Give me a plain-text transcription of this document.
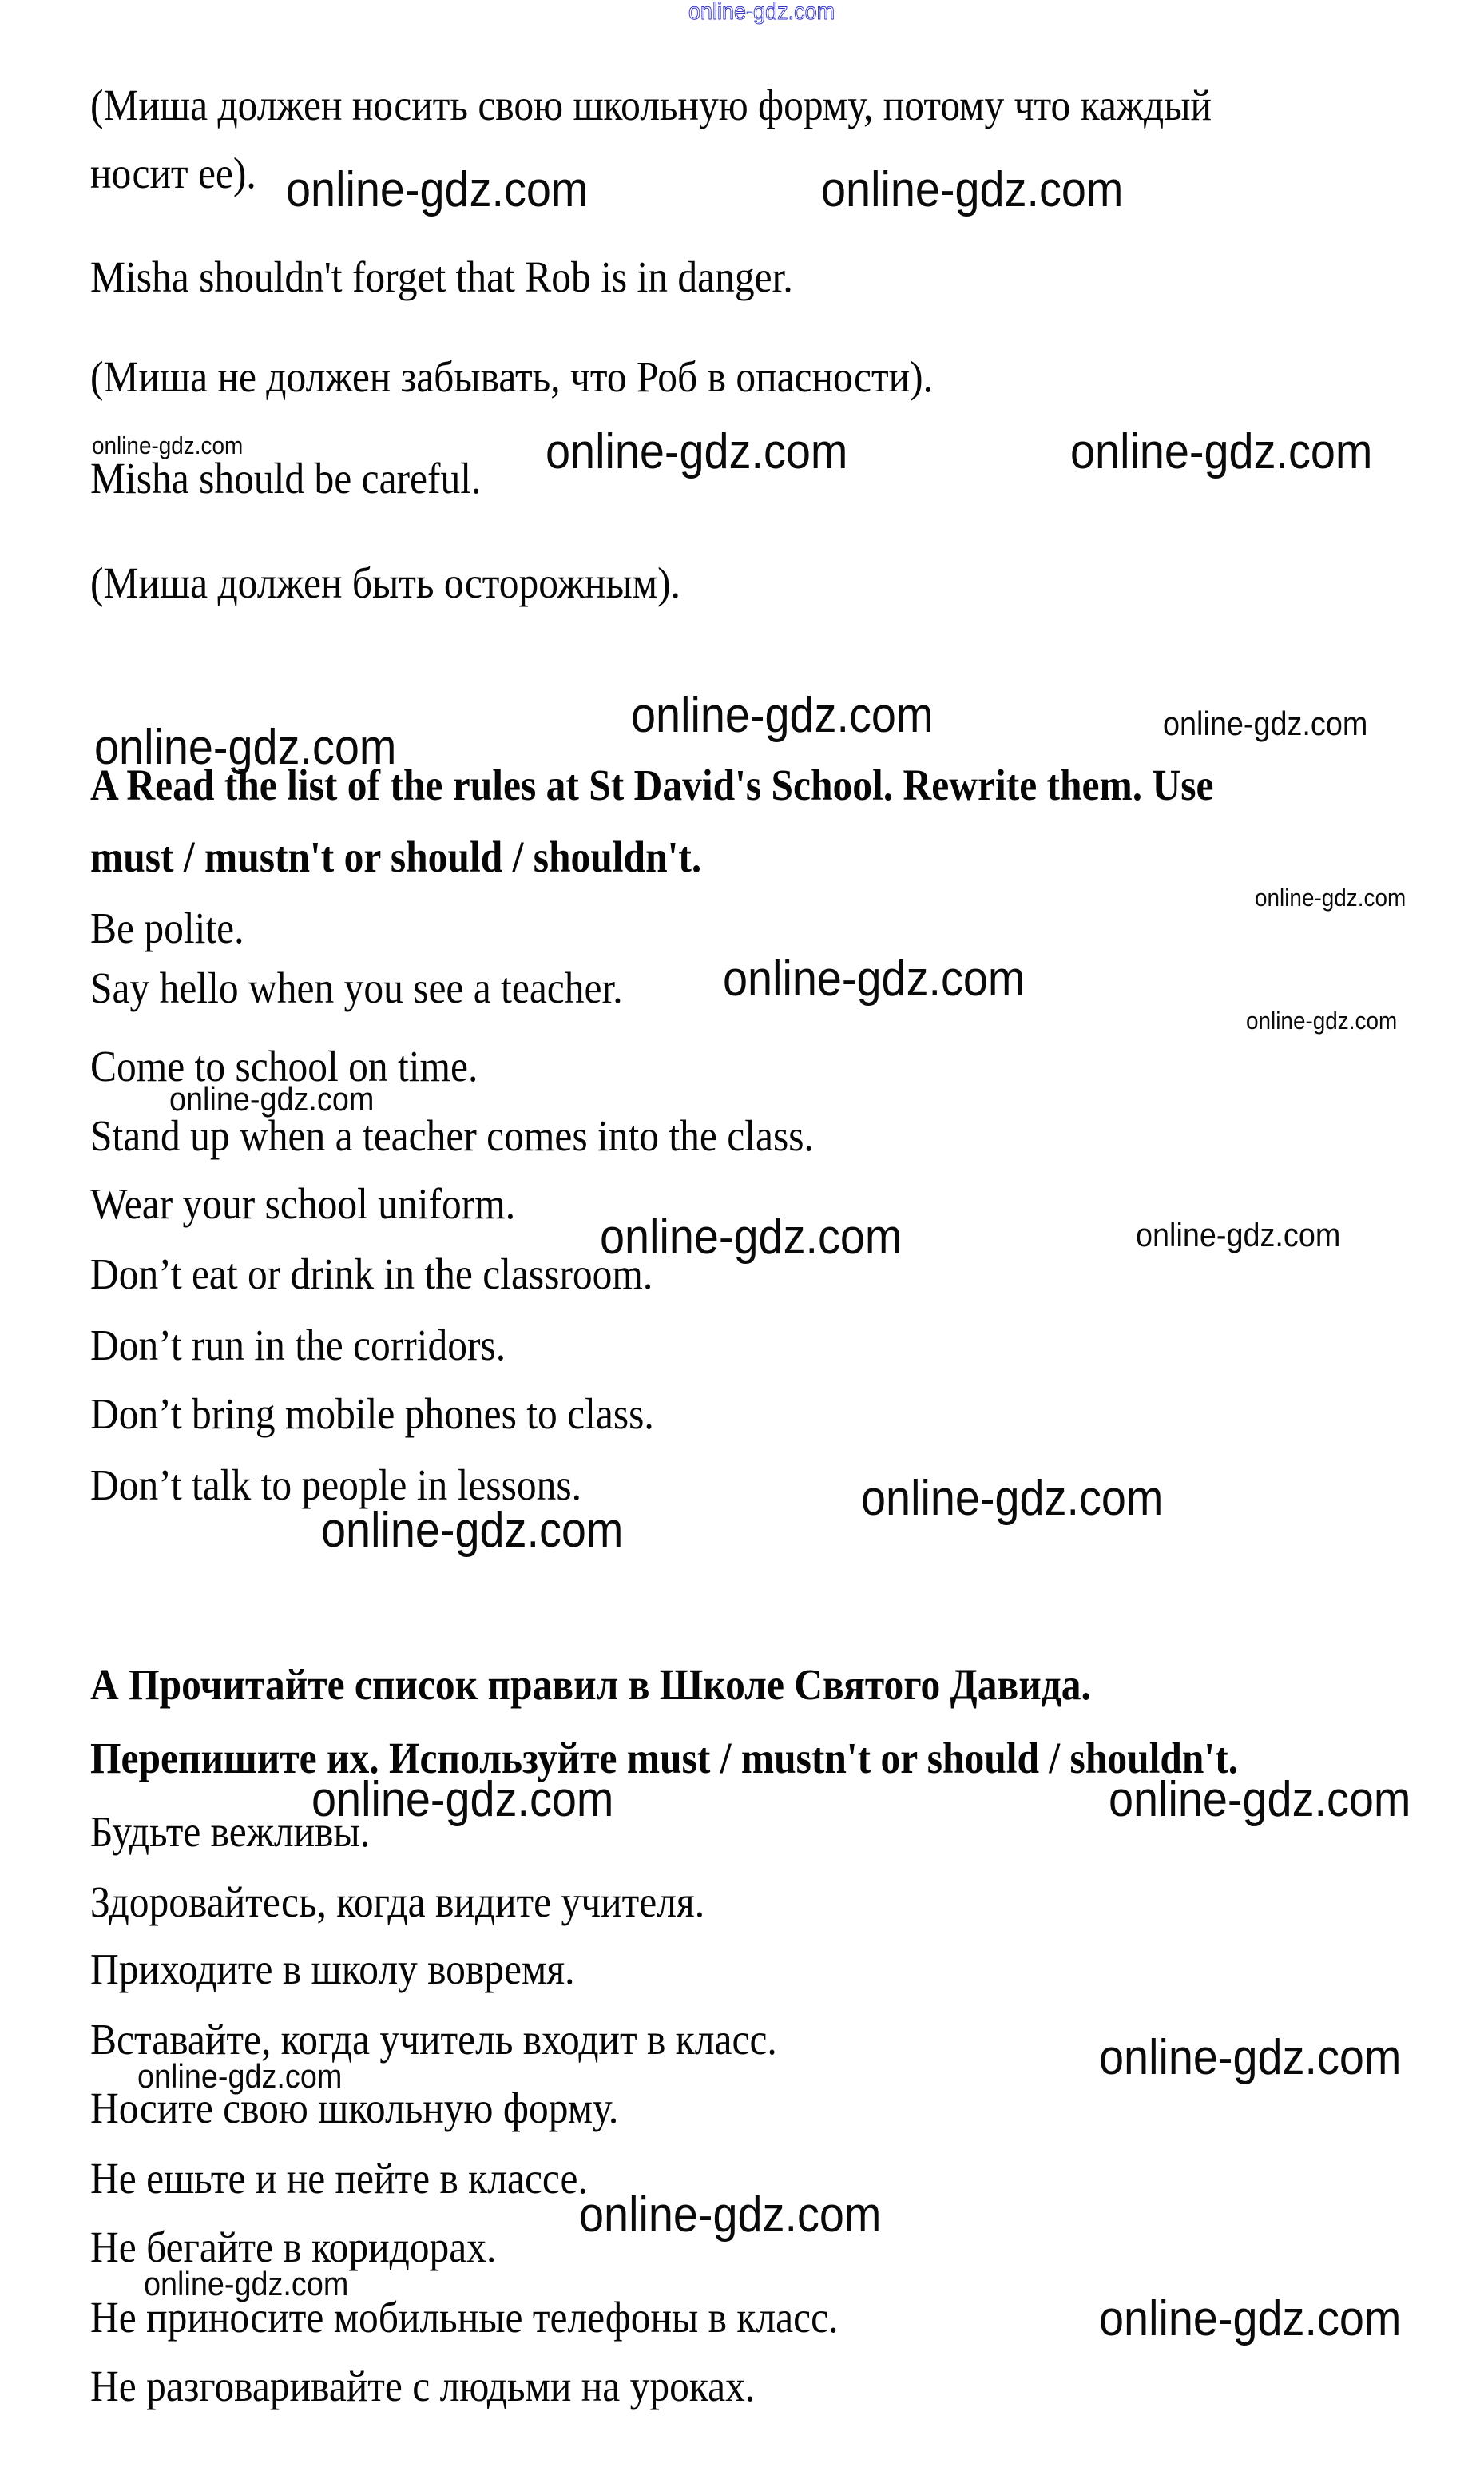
online-gdz.com
(Миша должен носить свою школьную форму, потому что каждый
носит ее). online-gdz.com	online-gdz.com
Misha shouldn't forget that Rob is in danger.
(Миша не должен забывать, что Роб в опасности).
online-gdz.com	online-gdz.com	online-gdz.com
Misha should be careful.
(Миша должен быть осторожным).
online-gdz.com	online-gdz.com
online-gdz.com
A Read the list of the rules at St David's School. Rewrite them. Use
must / mustn't or should / shouldn't.
online-gdz.com
Be polite.
Say hello when you see a teacher. online-gdz.com
online-gdz.com
Come to school on time.
online-gdz.com
Stand up when a teacher comes into the class.
Wear your school uniform.
online-gdz.com	online-gdz.com
Don’t eat or drink in the classroom.
Don’t run in the corridors.
Don’t bring mobile phones to class.
Don’t talk to people in lessons.	online-gdz.com
online-gdz.com
А Прочитайте список правил в Школе Святого Давида.
Перепишите их. Используйте must / mustn't or should / shouldn't.
online-gdz.com	online-gdz.com
Будьте вежливы.
Здоровайтесь, когда видите учителя.
Приходите в школу вовремя.
Вставайте, когда учитель входит в класс.	online-gdz.com
online-gdz.com
Носите свою школьную форму.
Не ешьте и не пейте в классе.
online-gdz.com
Не бегайте в коридорах.
online-gdz.com
Не приносите мобильные телефоны в класс.	online-gdz.com
Не разговаривайте с людьми на уроках.
